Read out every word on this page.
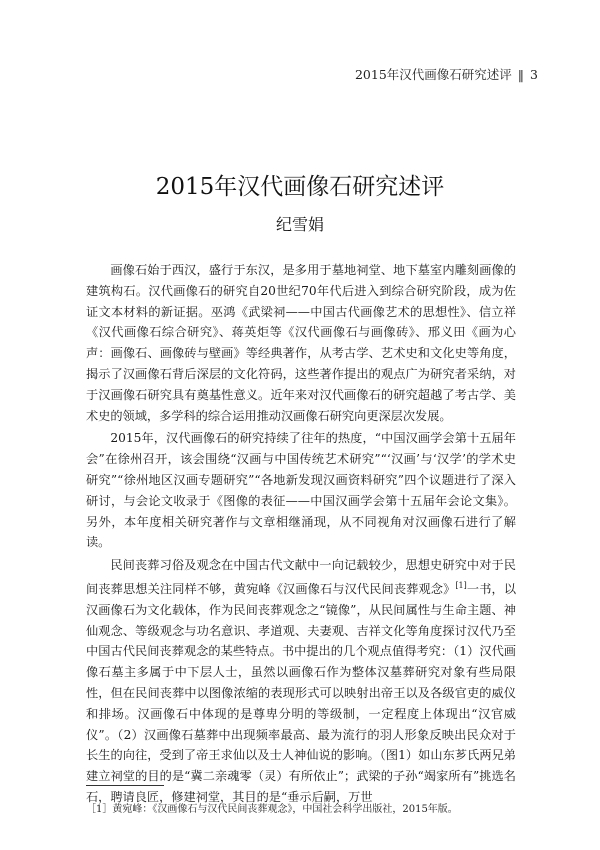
2015年汉代画像石研究述评 ‖ 3
2015年汉代画像石研究述评
纪雪娟

画像石始于西汉，盛行于东汉，是多用于墓地祠堂、地下墓室内雕刻画像的建筑构石。汉代画像石的研究自20世纪70年代后进入到综合研究阶段，成为佐证文本材料的新证据。巫鸿《武梁祠——中国古代画像艺术的思想性》、信立祥《汉代画像石综合研究》、蒋英炬等《汉代画像石与画像砖》、邢义田《画为心声：画像石、画像砖与壁画》等经典著作，从考古学、艺术史和文化史等角度，揭示了汉画像石背后深层的文化符码，这些著作提出的观点广为研究者采纳，对于汉画像石研究具有奠基性意义。近年来对汉代画像石的研究超越了考古学、美术史的领域，多学科的综合运用推动汉画像石研究向更深层次发展。

2015年，汉代画像石的研究持续了往年的热度，“中国汉画学会第十五届年会”在徐州召开，该会围绕“汉画与中国传统艺术研究”“‘汉画’与‘汉学’的学术史研究”“徐州地区汉画专题研究”“各地新发现汉画资料研究”四个议题进行了深入研讨，与会论文收录于《图像的表征——中国汉画学会第十五届年会论文集》。另外，本年度相关研究著作与文章相继涌现，从不同视角对汉画像石进行了解读。

民间丧葬习俗及观念在中国古代文献中一向记载较少，思想史研究中对于民间丧葬思想关注同样不够，黄宛峰《汉画像石与汉代民间丧葬观念》[1]一书，以汉画像石为文化载体，作为民间丧葬观念之“镜像”，从民间属性与生命主题、神仙观念、等级观念与功名意识、孝道观、夫妻观、吉祥文化等角度探讨汉代乃至中国古代民间丧葬观念的某些特点。书中提出的几个观点值得考究：（1）汉代画像石墓主多属于中下层人士，虽然以画像石作为整体汉墓葬研究对象有些局限性，但在民间丧葬中以图像浓缩的表现形式可以映射出帝王以及各级官吏的威仪和排场。汉画像石中体现的是尊卑分明的等级制，一定程度上体现出“汉官威仪”。（2）汉画像石墓葬中出现频率最高、最为流行的羽人形象反映出民众对于长生的向往，受到了帝王求仙以及士人神仙说的影响。（图1）如山东芗氏两兄弟建立祠堂的目的是“冀二亲魂零（灵）有所依止”；武梁的子孙“竭家所有”挑选名石，聘请良匠，修建祠堂，其目的是“垂示后嗣，万世

［1］黄宛峰：《汉画像石与汉代民间丧葬观念》，中国社会科学出版社，2015年版。
